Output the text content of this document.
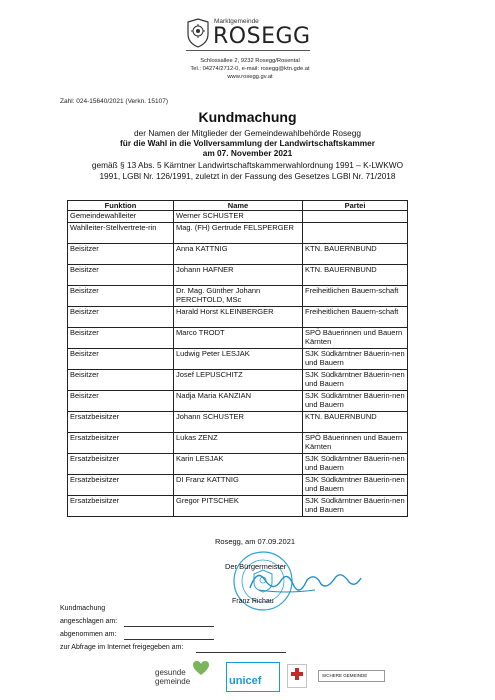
Marktgemeinde
ROSEGG
Schlossallee 2, 9232 Rosegg/Rosental
Tel.: 04274/2712-0, e-mail: rosegg@ktn.gde.at
www.rosegg.gv.at
Zahl: 024-15640/2021 (Verkn. 15107)
Kundmachung
der Namen der Mitglieder der Gemeindewahlbehörde Rosegg
für die Wahl in die Vollversammlung der Landwirtschaftskammer
am 07. November 2021
gemäß § 13 Abs. 5 Kärntner Landwirtschaftskammerwahlordnung 1991 – K-LWKWO
1991, LGBl Nr. 126/1991, zuletzt in der Fassung des Gesetzes LGBl Nr. 71/2018
Funktion	Name	Partei
Gemeindewahlleiter	Werner SCHUSTER	
Wahlleiter-Stellvertrete-rin	Mag. (FH) Gertrude FELSPERGER	
Beisitzer	Anna KATTNIG	KTN. BAUERNBUND
Beisitzer	Johann HAFNER	KTN. BAUERNBUND
Beisitzer	Dr. Mag. Günther Johann PERCHTOLD, MSc	Freiheitlichen Bauern-schaft
Beisitzer	Harald Horst KLEINBERGER	Freiheitlichen Bauern-schaft
Beisitzer	Marco TRODT	SPÖ Bäuerinnen und Bauern Kärnten
Beisitzer	Ludwig Peter LESJAK	SJK Südkärntner Bäuerin-nen und Bauern
Beisitzer	Josef LEPUSCHITZ	SJK Südkärntner Bäuerin-nen und Bauern
Beisitzer	Nadja Maria KANZIAN	SJK Südkärntner Bäuerin-nen und Bauern
Ersatzbeisitzer	Johann SCHUSTER	KTN. BAUERNBUND
Ersatzbeisitzer	Lukas ZENZ	SPÖ Bäuerinnen und Bauern Kärnten
Ersatzbeisitzer	Karin LESJAK	SJK Südkärntner Bäuerin-nen und Bauern
Ersatzbeisitzer	DI Franz KATTNIG	SJK Südkärntner Bäuerin-nen und Bauern
Ersatzbeisitzer	Gregor PITSCHEK	SJK Südkärntner Bäuerin-nen und Bauern
Rosegg, am 07.09.2021
Der Bürgermeister
Franz Richau
Kundmachung
angeschlagen am:
abgenommen am:
zur Abfrage im Internet freigegeben am:
gesunde
gemeinde	unicef	SICHERE GEMEINDE
